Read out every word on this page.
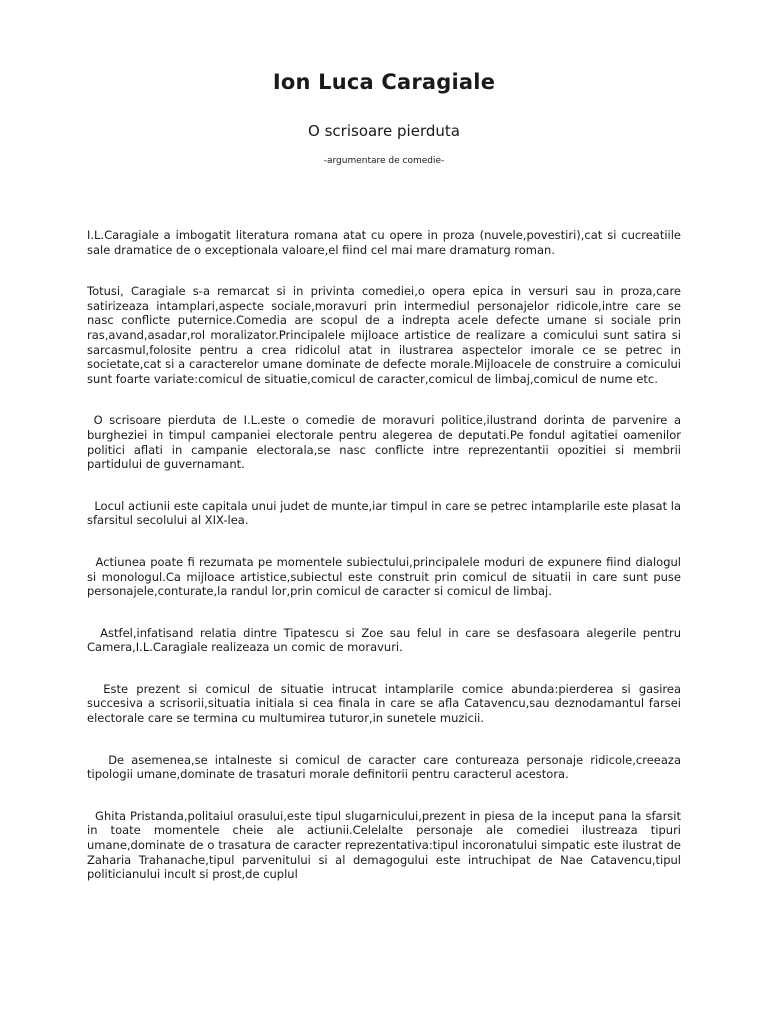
Ion Luca Caragiale
O scrisoare pierduta
-argumentare de comedie-

I.L.Caragiale a imbogatit literatura romana atat cu opere in proza (nuvele,povestiri),cat si cucreatiile sale dramatice de o exceptionala valoare,el fiind cel mai mare dramaturg roman.

Totusi, Caragiale s-a remarcat si in privinta comediei,o opera epica in versuri sau in proza,care satirizeaza intamplari,aspecte sociale,moravuri prin intermediul personajelor ridicole,intre care se nasc conflicte puternice.Comedia are scopul de a indrepta acele defecte umane si sociale prin ras,avand,asadar,rol moralizator.Principalele mijloace artistice de realizare a comicului sunt satira si sarcasmul,folosite pentru a crea ridicolul atat in ilustrarea aspectelor imorale ce se petrec in societate,cat si a caracterelor umane dominate de defecte morale.Mijloacele de construire a comicului sunt foarte variate:comicul de situatie,comicul de caracter,comicul de limbaj,comicul de nume etc.

O scrisoare pierduta de I.L.este o comedie de moravuri politice,ilustrand dorinta de parvenire a burgheziei in timpul campaniei electorale pentru alegerea de deputati.Pe fondul agitatiei oamenilor politici aflati in campanie electorala,se nasc conflicte intre reprezentantii opozitiei si membrii partidului de guvernamant.

Locul actiunii este capitala unui judet de munte,iar timpul in care se petrec intamplarile este plasat la sfarsitul secolului al XIX-lea.

Actiunea poate fi rezumata pe momentele subiectului,principalele moduri de expunere fiind dialogul si monologul.Ca mijloace artistice,subiectul este construit prin comicul de situatii in care sunt puse personajele,conturate,la randul lor,prin comicul de caracter si comicul de limbaj.

Astfel,infatisand relatia dintre Tipatescu si Zoe sau felul in care se desfasoara alegerile pentru Camera,I.L.Caragiale realizeaza un comic de moravuri.

Este prezent si comicul de situatie intrucat intamplarile comice abunda:pierderea si gasirea succesiva a scrisorii,situatia initiala si cea finala in care se afla Catavencu,sau deznodamantul farsei electorale care se termina cu multumirea tuturor,in sunetele muzicii.

De asemenea,se intalneste si comicul de caracter care contureaza personaje ridicole,creeaza tipologii umane,dominate de trasaturi morale definitorii pentru caracterul acestora.

Ghita Pristanda,politaiul orasului,este tipul slugarnicului,prezent in piesa de la inceput pana la sfarsit in toate momentele cheie ale actiunii.Celelalte personaje ale comediei ilustreaza tipuri umane,dominate de o trasatura de caracter reprezentativa:tipul incoronatului simpatic este ilustrat de Zaharia Trahanache,tipul parvenitului si al demagogului este intruchipat de Nae Catavencu,tipul politicianului incult si prost,de cuplul
